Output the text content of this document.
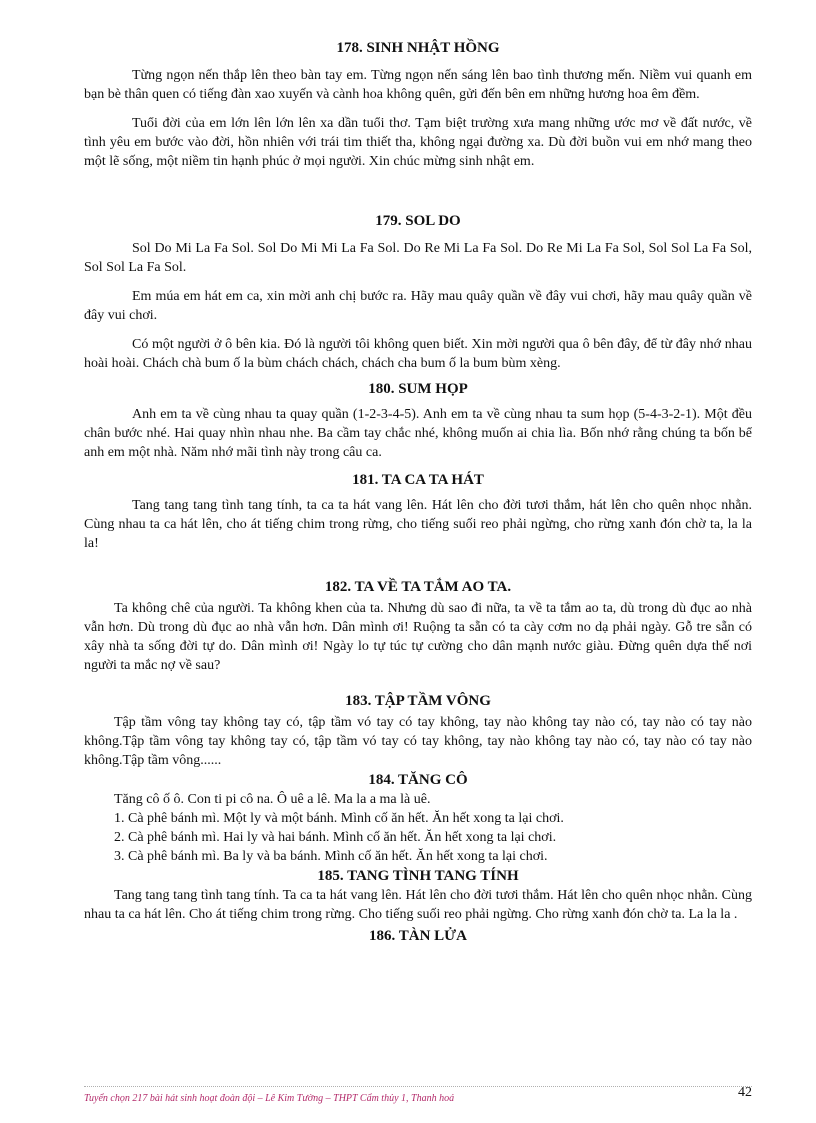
178. SINH NHẬT HỒNG

Từng ngọn nến thắp lên theo bàn tay em. Từng ngọn nến sáng lên bao tình thương mến. Niềm vui quanh em bạn bè thân quen có tiếng đàn xao xuyến và cành hoa không quên, gửi đến bên em những hương hoa êm đềm.

Tuổi đời của em lớn lên lớn lên xa dần tuổi thơ. Tạm biệt trường xưa mang những ước mơ về đất nước, về tình yêu em bước vào đời, hồn nhiên với trái tim thiết tha, không ngại đường xa. Dù đời buồn vui em nhớ mang theo một lẽ sống, một niềm tin hạnh phúc ở mọi người. Xin chúc mừng sinh nhật em.

179. SOL DO

Sol Do Mi La Fa Sol. Sol Do Mi Mi La Fa Sol. Do Re Mi La Fa Sol. Do Re Mi La Fa Sol, Sol Sol La Fa Sol, Sol Sol La Fa Sol.

Em múa em hát em ca, xin mời anh chị bước ra. Hãy mau quây quần về đây vui chơi, hãy mau quây quần về đây vui chơi.

Có một người ở ô bên kia. Đó là người tôi không quen biết. Xin mời người qua ô bên đây, để từ đây nhớ nhau hoài hoài. Chách chà bum ố la bùm chách chách, chách cha bum ố la bum bùm xèng.

180. SUM HỌP

Anh em ta về cùng nhau ta quay quần (1-2-3-4-5). Anh em ta về cùng nhau ta sum họp (5-4-3-2-1). Một đều chân bước nhé. Hai quay nhìn nhau nhe. Ba cầm tay chắc nhé, không muốn ai chia lìa. Bốn nhớ rằng chúng ta bốn bể anh em một nhà. Năm nhớ mãi tình này trong câu ca.

181. TA CA TA HÁT

Tang tang tang tình tang tính, ta ca ta hát vang lên. Hát lên cho đời tươi thắm, hát lên cho quên nhọc nhằn. Cùng nhau ta ca hát lên, cho át tiếng chim trong rừng, cho tiếng suối reo phải ngừng, cho rừng xanh đón chờ ta, la la la!

182. TA VỀ TA TẮM AO TA.

Ta không chê của người. Ta không khen của ta. Nhưng dù sao đi nữa, ta về ta tắm ao ta, dù trong dù đục ao nhà vẫn hơn. Dù trong dù đục ao nhà vẫn hơn. Dân mình ơi! Ruộng ta sẵn có ta cày cơm no dạ phải ngày. Gỗ tre sẵn có xây nhà ta sống đời tự do. Dân mình ơi! Ngày lo tự túc tự cường cho dân mạnh nước giàu. Đừng quên dựa thế nơi người ta mắc nợ về sau?

183. TẬP TẦM VÔNG

Tập tầm vông tay không tay có, tập tầm vó tay có tay không, tay nào không tay nào có, tay nào có tay nào không.Tập tầm vông tay không tay có, tập tầm vó tay có tay không, tay nào không tay nào có, tay nào có tay nào không.Tập tầm vông......

184. TĂNG CÔ

Tăng cô ố ô. Con ti pi cô na. Ô uê a lê. Ma la a ma là uê.

1. Cà phê bánh mì. Một ly và một bánh. Mình cố ăn hết. Ăn hết xong ta lại chơi.

2. Cà phê bánh mì. Hai ly và hai bánh. Mình cố ăn hết. Ăn hết xong ta lại chơi.

3. Cà phê bánh mì. Ba ly và ba bánh. Mình cố ăn hết. Ăn hết xong ta lại chơi.

185. TANG TÌNH TANG TÍNH

Tang tang tang tình tang tính. Ta ca ta hát vang lên. Hát lên cho đời tươi thắm. Hát lên cho quên nhọc nhằn. Cùng nhau ta ca hát lên. Cho át tiếng chim trong rừng. Cho tiếng suối reo phải ngừng. Cho rừng xanh đón chờ ta. La la la .

186. TÀN LỬA
Tuyển chọn 217 bài hát sinh hoạt đoàn đội – Lê Kim Tường – THPT Cẩm thủy 1, Thanh hoá	42
